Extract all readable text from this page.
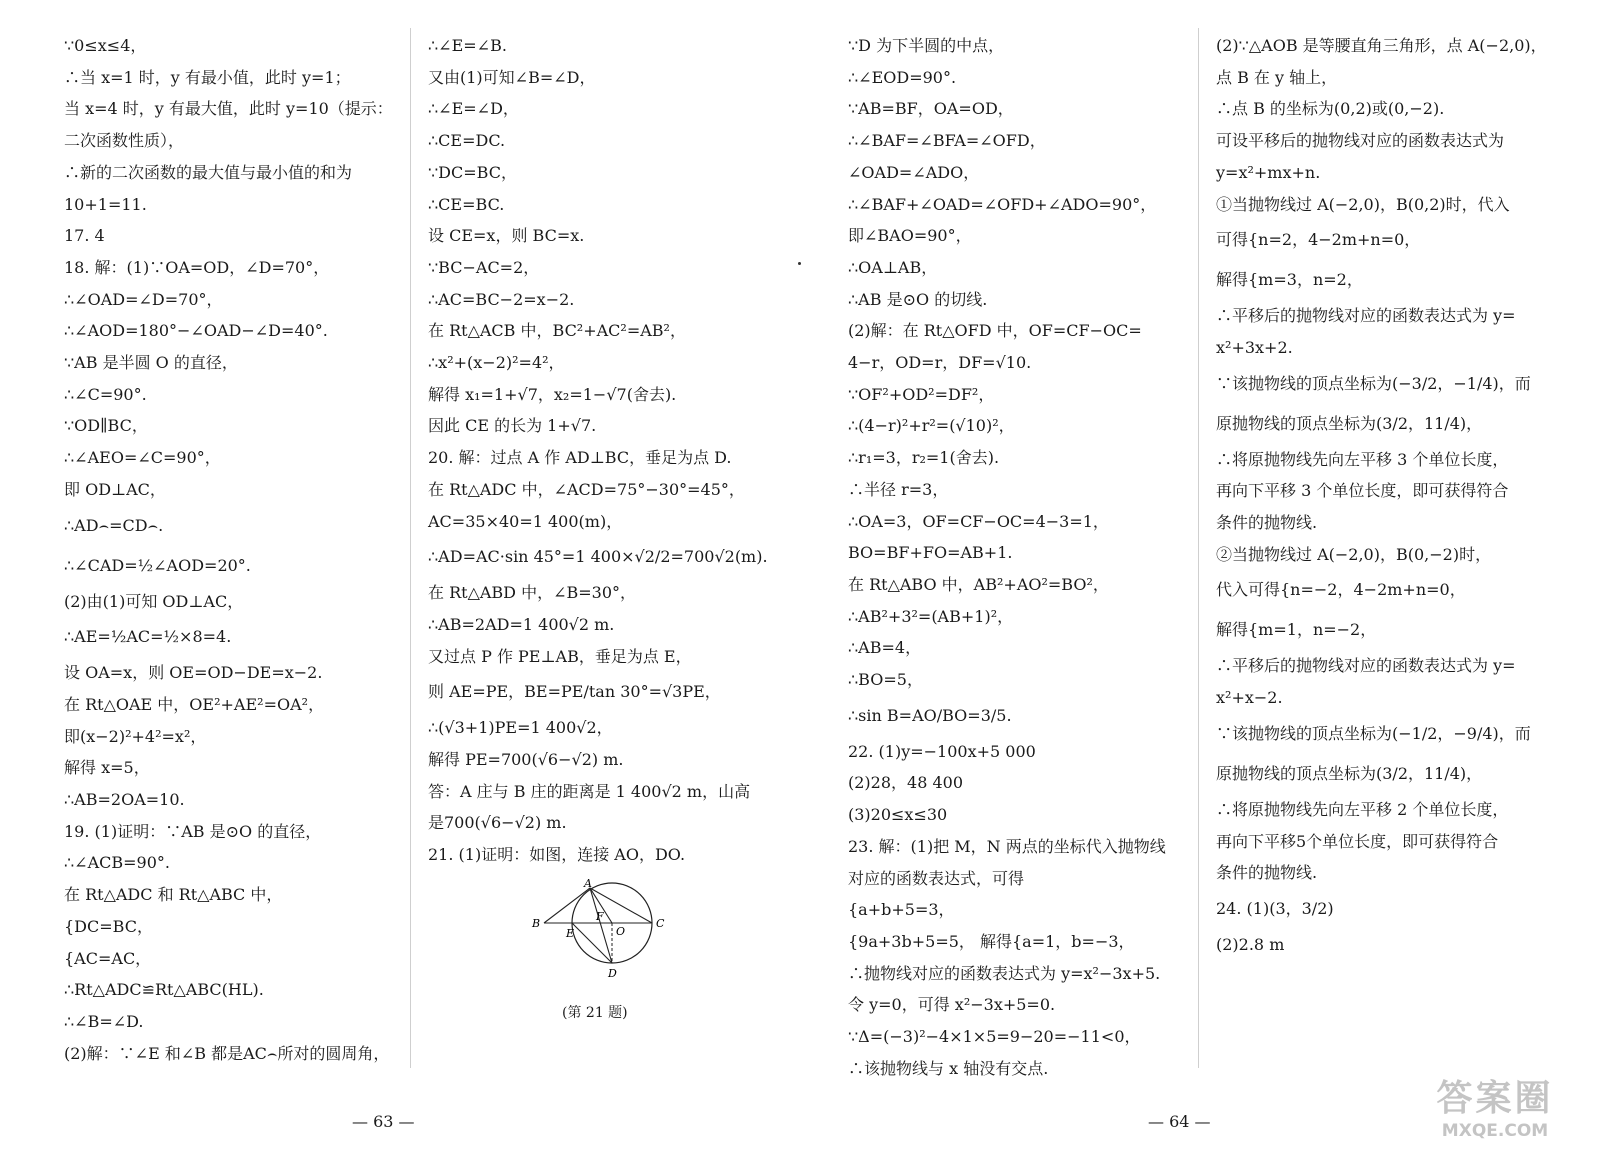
∵0≤x≤4，
∴当 x=1 时，y 有最小值，此时 y=1；
当 x=4 时，y 有最大值，此时 y=10（提示：
二次函数性质），
∴新的二次函数的最大值与最小值的和为
10+1=11.
17. 4
18. 解：(1)∵OA=OD，∠D=70°，
∴∠OAD=∠D=70°，
∴∠AOD=180°−∠OAD−∠D=40°.
∵AB 是半圆 O 的直径，
∴∠C=90°.
∵OD∥BC，
∴∠AEO=∠C=90°，
即 OD⊥AC，
∴AD⌢=CD⌢.
∴∠CAD=½∠AOD=20°.
(2)由(1)可知 OD⊥AC，
∴AE=½AC=½×8=4.
设 OA=x，则 OE=OD−DE=x−2.
在 Rt△OAE 中，OE²+AE²=OA²，
即(x−2)²+4²=x²，
解得 x=5，
∴AB=2OA=10.
19. (1)证明：∵AB 是⊙O 的直径，
∴∠ACB=90°.
在 Rt△ADC 和 Rt△ABC 中，
{DC=BC，
{AC=AC，
∴Rt△ADC≌Rt△ABC(HL).
∴∠B=∠D.
(2)解：∵∠E 和∠B 都是AC⌢所对的圆周角，
∴∠E=∠B.
又由(1)可知∠B=∠D，
∴∠E=∠D，
∴CE=DC.
∵DC=BC，
∴CE=BC.
设 CE=x，则 BC=x.
∵BC−AC=2，
∴AC=BC−2=x−2.
在 Rt△ACB 中，BC²+AC²=AB²，
∴x²+(x−2)²=4²，
解得 x₁=1+√7，x₂=1−√7(舍去).
因此 CE 的长为 1+√7.
20. 解：过点 A 作 AD⊥BC，垂足为点 D.
在 Rt△ADC 中，∠ACD=75°−30°=45°，
AC=35×40=1 400(m)，
∴AD=AC·sin 45°=1 400×√2/2=700√2(m).
在 Rt△ABD 中，∠B=30°，
∴AB=2AD=1 400√2 m.
又过点 P 作 PE⊥AB，垂足为点 E，
则 AE=PE，BE=PE/tan 30°=√3PE，
∴(√3+1)PE=1 400√2，
解得 PE=700(√6−√2) m.
答：A 庄与 B 庄的距离是 1 400√2 m，山高
是700(√6−√2) m.
21. (1)证明：如图，连接 AO，DO.
A
B	C
D
E
F
O
(第 21 题)
∵D 为下半圆的中点，
∴∠EOD=90°.
∵AB=BF，OA=OD，
∴∠BAF=∠BFA=∠OFD，
∠OAD=∠ADO，
∴∠BAF+∠OAD=∠OFD+∠ADO=90°，
即∠BAO=90°，
∴OA⊥AB，
∴AB 是⊙O 的切线.
(2)解：在 Rt△OFD 中，OF=CF−OC=
4−r，OD=r，DF=√10.
∵OF²+OD²=DF²，
∴(4−r)²+r²=(√10)²，
∴r₁=3，r₂=1(舍去).
∴半径 r=3，
∴OA=3，OF=CF−OC=4−3=1，
BO=BF+FO=AB+1.
在 Rt△ABO 中，AB²+AO²=BO²，
∴AB²+3²=(AB+1)²，
∴AB=4，
∴BO=5，
∴sin B=AO/BO=3/5.
22. (1)y=−100x+5 000
(2)28，48 400
(3)20≤x≤30
23. 解：(1)把 M，N 两点的坐标代入抛物线
对应的函数表达式，可得
{a+b+5=3，
{9a+3b+5=5， 解得{a=1，b=−3，
∴抛物线对应的函数表达式为 y=x²−3x+5.
令 y=0，可得 x²−3x+5=0.
∵Δ=(−3)²−4×1×5=9−20=−11<0，
∴该抛物线与 x 轴没有交点.
(2)∵△AOB 是等腰直角三角形，点 A(−2,0)，
点 B 在 y 轴上，
∴点 B 的坐标为(0,2)或(0,−2).
可设平移后的抛物线对应的函数表达式为
y=x²+mx+n.
①当抛物线过 A(−2,0)，B(0,2)时，代入
可得{n=2，4−2m+n=0，
解得{m=3，n=2，
∴平移后的抛物线对应的函数表达式为 y=
x²+3x+2.
∵该抛物线的顶点坐标为(−3/2，−1/4)，而
原抛物线的顶点坐标为(3/2，11/4)，
∴将原抛物线先向左平移 3 个单位长度，
再向下平移 3 个单位长度，即可获得符合
条件的抛物线.
②当抛物线过 A(−2,0)，B(0,−2)时，
代入可得{n=−2，4−2m+n=0，
解得{m=1，n=−2，
∴平移后的抛物线对应的函数表达式为 y=
x²+x−2.
∵该抛物线的顶点坐标为(−1/2，−9/4)，而
原抛物线的顶点坐标为(3/2，11/4)，
∴将原抛物线先向左平移 2 个单位长度，
再向下平移5个单位长度，即可获得符合
条件的抛物线.
24. (1)(3，3/2)
(2)2.8 m
— 63 —	— 64 —
答案圈
MXQE.COM
